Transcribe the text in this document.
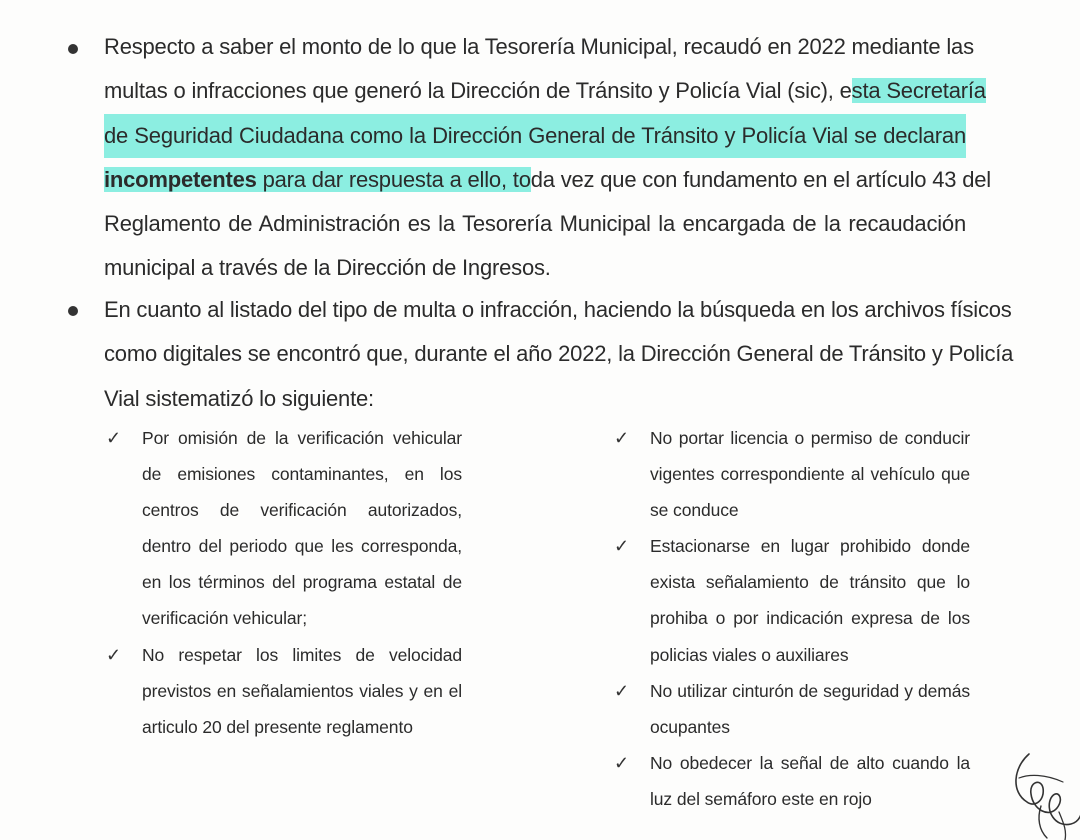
Respecto a saber el monto de lo que la Tesorería Municipal, recaudó en 2022 mediante las
multas o infracciones que generó la Dirección de Tránsito y Policía Vial (sic), esta Secretaría
de Seguridad Ciudadana como la Dirección General de Tránsito y Policía Vial se declaran
incompetentes para dar respuesta a ello, toda vez que con fundamento en el artículo 43 del
Reglamento de Administración es la Tesorería Municipal la encargada de la recaudación
municipal a través de la Dirección de Ingresos.
En cuanto al listado del tipo de multa o infracción, haciendo la búsqueda en los archivos físicos
como digitales se encontró que, durante el año 2022, la Dirección General de Tránsito y Policía
Vial sistematizó lo siguiente:
✓ Por omisión de la verificación vehicular
de emisiones contaminantes, en los
centros de verificación autorizados,
dentro del periodo que les corresponda,
en los términos del programa estatal de
verificación vehicular;
✓ No respetar los limites de velocidad
previstos en señalamientos viales y en el
articulo 20 del presente reglamento
✓ No portar licencia o permiso de conducir
vigentes correspondiente al vehículo que
se conduce
✓ Estacionarse en lugar prohibido donde
exista señalamiento de tránsito que lo
prohiba o por indicación expresa de los
policias viales o auxiliares
✓ No utilizar cinturón de seguridad y demás
ocupantes
✓ No obedecer la señal de alto cuando la
luz del semáforo este en rojo
